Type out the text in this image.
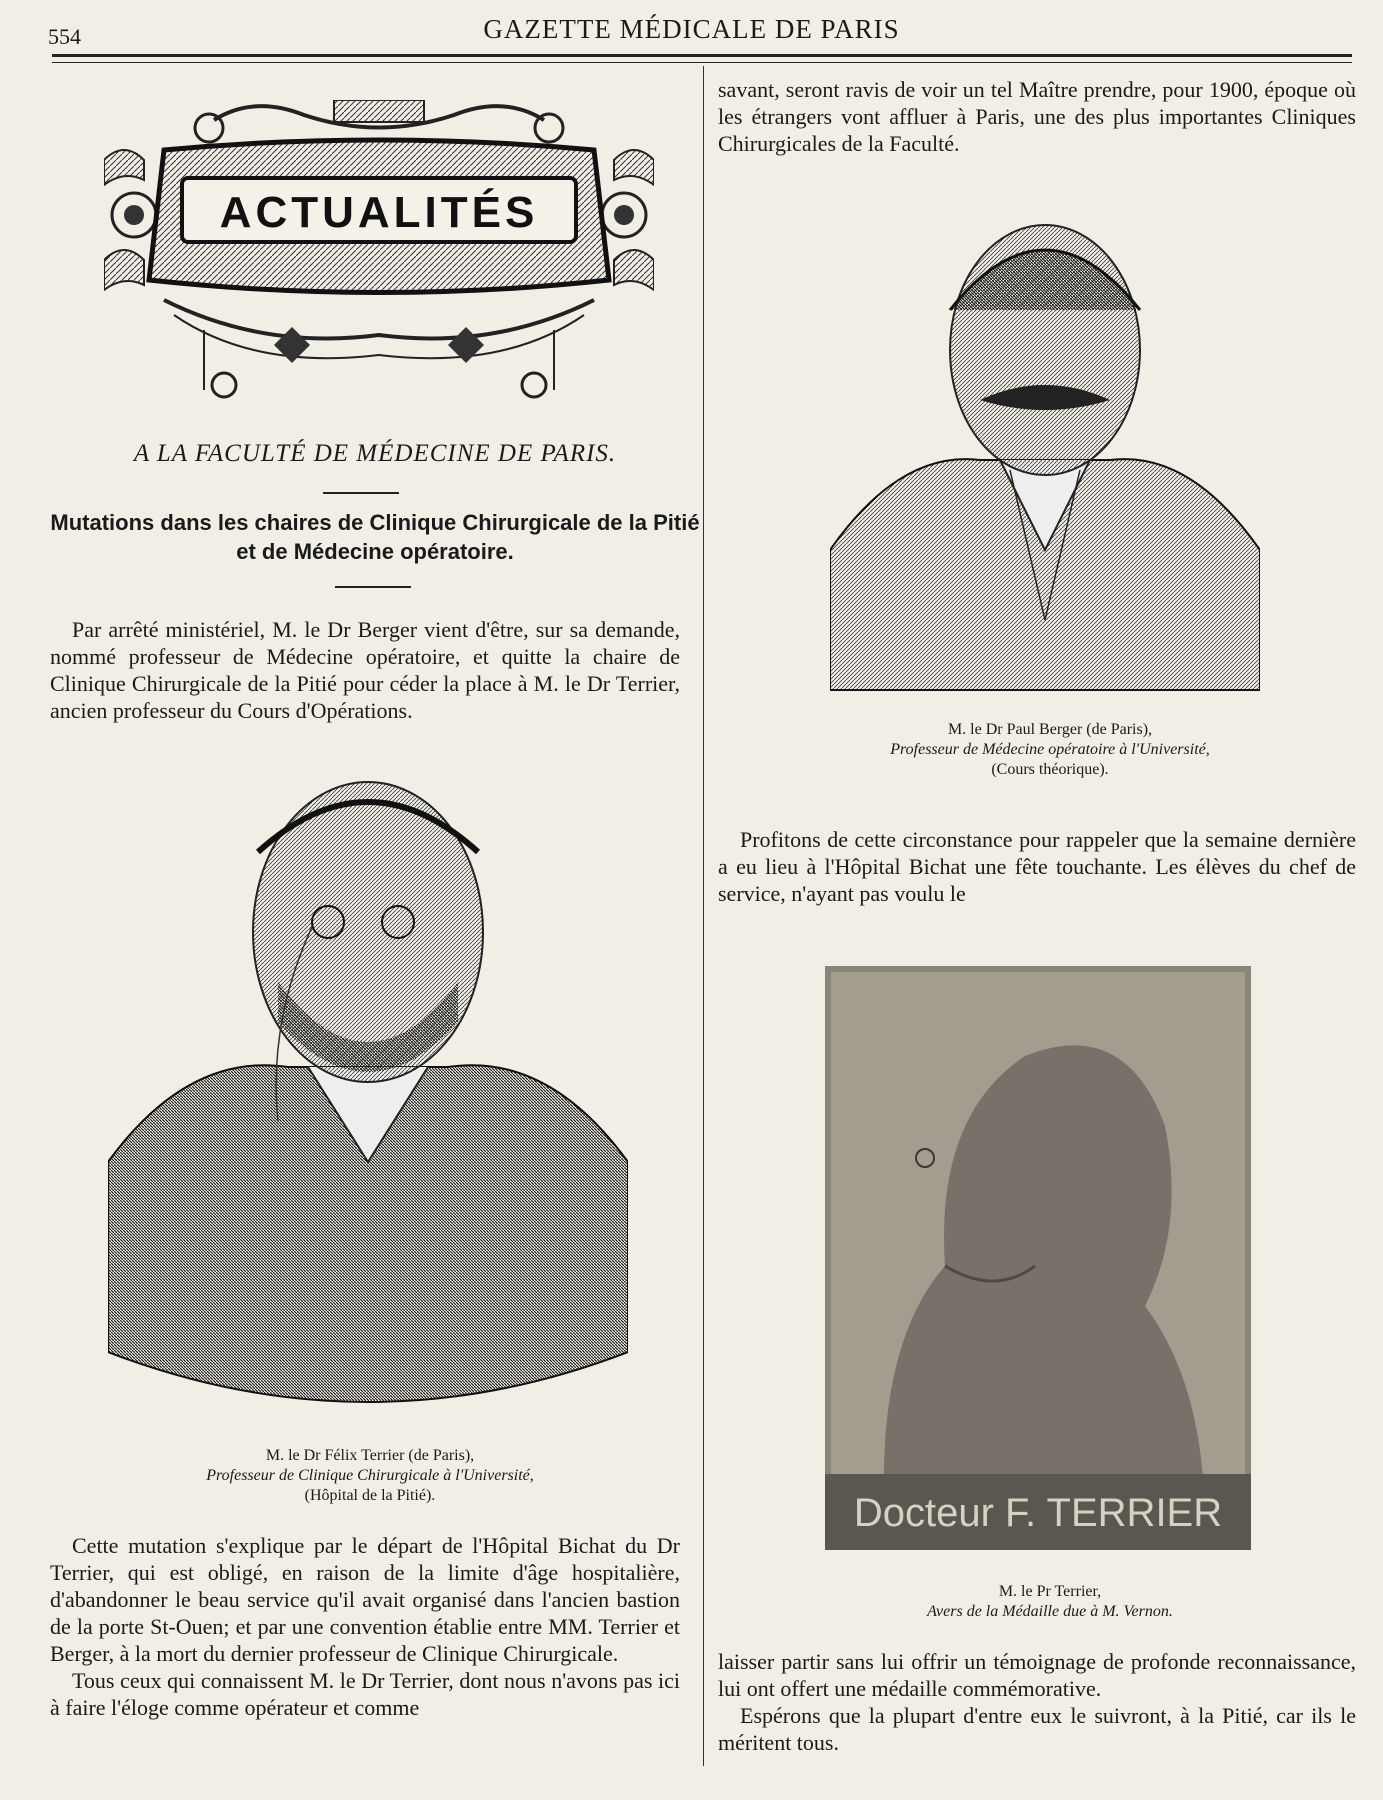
554	GAZETTE MÉDICALE DE PARIS
ACTUALITÉS
A LA FACULTÉ DE MÉDECINE DE PARIS.
Mutations dans les chaires de Clinique Chirurgicale de la Pitié et de Médecine opératoire.

Par arrêté ministériel, M. le Dr Berger vient d'être, sur sa demande, nommé professeur de Médecine opératoire, et quitte la chaire de Clinique Chirurgicale de la Pitié pour céder la place à M. le Dr Terrier, ancien professeur du Cours d'Opérations.

M. le Dr Félix Terrier (de Paris),
Professeur de Clinique Chirurgicale à l'Université,
(Hôpital de la Pitié).

Cette mutation s'explique par le départ de l'Hôpital Bichat du Dr Terrier, qui est obligé, en raison de la limite d'âge hospitalière, d'abandonner le beau service qu'il avait organisé dans l'ancien bastion de la porte St-Ouen; et par une convention établie entre MM. Terrier et Berger, à la mort du dernier professeur de Clinique Chirurgicale.

Tous ceux qui connaissent M. le Dr Terrier, dont nous n'avons pas ici à faire l'éloge comme opérateur et comme

savant, seront ravis de voir un tel Maître prendre, pour 1900, époque où les étrangers vont affluer à Paris, une des plus importantes Cliniques Chirurgicales de la Faculté.

M. le Dr Paul Berger (de Paris),
Professeur de Médecine opératoire à l'Université,
(Cours théorique).

Profitons de cette circonstance pour rappeler que la semaine dernière a eu lieu à l'Hôpital Bichat une fête touchante. Les élèves du chef de service, n'ayant pas voulu le

Docteur F. TERRIER
M. le Pr Terrier,
Avers de la Médaille due à M. Vernon.

laisser partir sans lui offrir un témoignage de profonde reconnaissance, lui ont offert une médaille commémorative.

Espérons que la plupart d'entre eux le suivront, à la Pitié, car ils le méritent tous.
